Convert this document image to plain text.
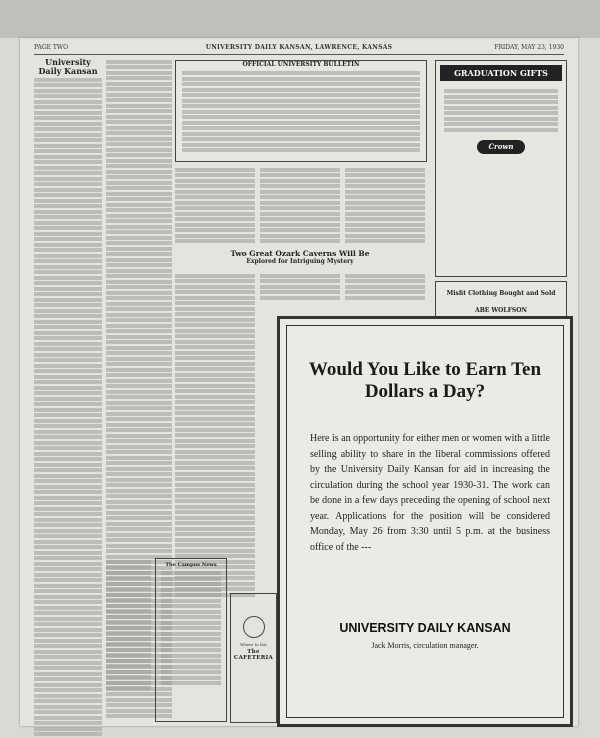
PAGE TWO	UNIVERSITY DAILY KANSAN, LAWRENCE, KANSAS	FRIDAY, MAY 23, 1930
University Daily Kansan
OFFICIAL UNIVERSITY BULLETIN
Two Great Ozark Caverns Will Be
Explored for Intriguing Mystery
The Campus News
Where to Eat
The CAFETERIA
GRADUATION GIFTS
Crown
Misfit Clothing Bought and Sold
ABE WOLFSON
Would You Like to Earn Ten Dollars a Day?
Here is an opportunity for either men or women with a little selling ability to share in the liberal commissions offered by the University Daily Kansan for aid in increasing the circulation during the school year 1930-31. The work can be done in a few days preceding the opening of school next year. Applications for the position will be considered Monday, May 26 from 3:30 until 5 p.m. at the business office of the ---
UNIVERSITY DAILY KANSAN
Jack Morris, circulation manager.
